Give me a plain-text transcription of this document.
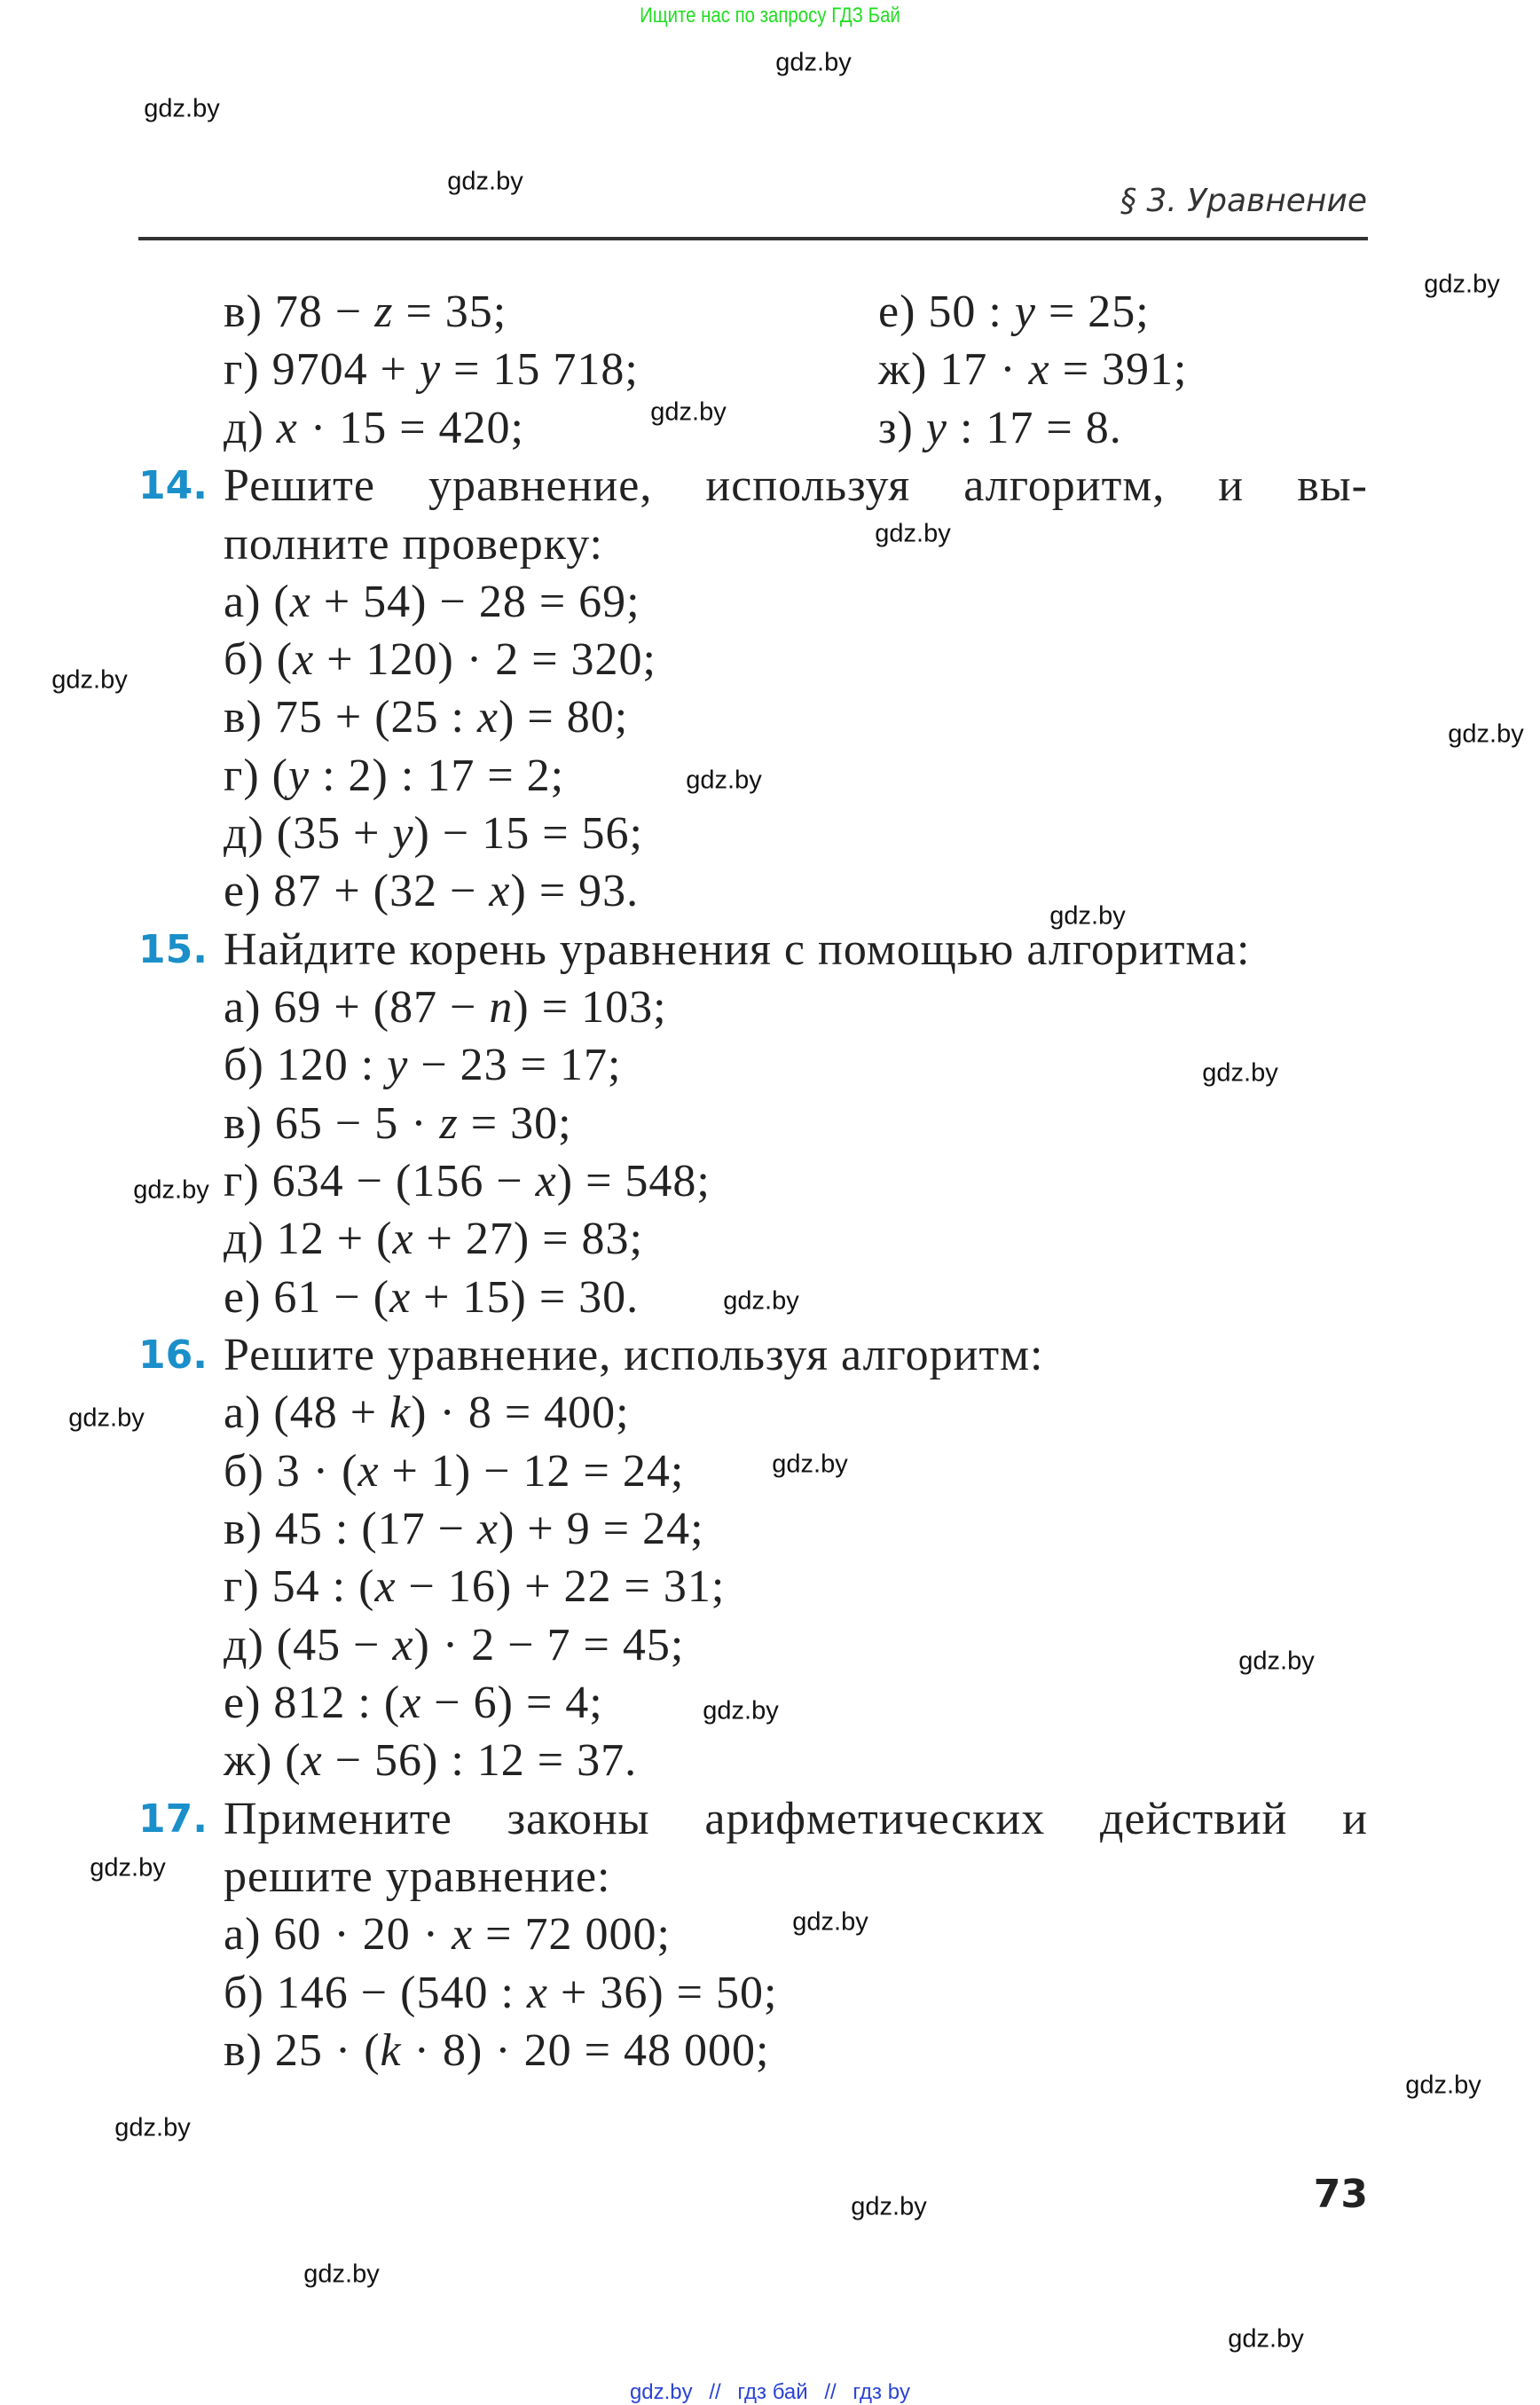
Ищите нас по запросу ГДЗ Бай
§ 3. Уравнение
в) 78 − z = 35;
г) 9704 + y = 15 718;
д) x · 15 = 420;
е) 50 : y = 25;
ж) 17 · x = 391;
з) y : 17 = 8.
14. Решите уравнение, используя алгоритм, и вы-
полните проверку:
а) (x + 54) − 28 = 69;
б) (x + 120) · 2 = 320;
в) 75 + (25 : x) = 80;
г) (y : 2) : 17 = 2;
д) (35 + y) − 15 = 56;
е) 87 + (32 − x) = 93.
15. Найдите корень уравнения с помощью алгоритма:
а) 69 + (87 − n) = 103;
б) 120 : y − 23 = 17;
в) 65 − 5 · z = 30;
г) 634 − (156 − x) = 548;
д) 12 + (x + 27) = 83;
е) 61 − (x + 15) = 30.
16. Решите уравнение, используя алгоритм:
а) (48 + k) · 8 = 400;
б) 3 · (x + 1) − 12 = 24;
в) 45 : (17 − x) + 9 = 24;
г) 54 : (x − 16) + 22 = 31;
д) (45 − x) · 2 − 7 = 45;
е) 812 : (x − 6) = 4;
ж) (x − 56) : 12 = 37.
17. Примените законы арифметических действий и
решите уравнение:
а) 60 · 20 · x = 72 000;
б) 146 − (540 : x + 36) = 50;
в) 25 · (k · 8) · 20 = 48 000;
73
gdz.by
gdz.by
gdz.by
gdz.by
gdz.by
gdz.by
gdz.by
gdz.by
gdz.by
gdz.by
gdz.by
gdz.by
gdz.by
gdz.by
gdz.by
gdz.by
gdz.by
gdz.by
gdz.by
gdz.by
gdz.by
gdz.by
gdz.by
gdz.by
gdz.by // гдз бай // гдз by
